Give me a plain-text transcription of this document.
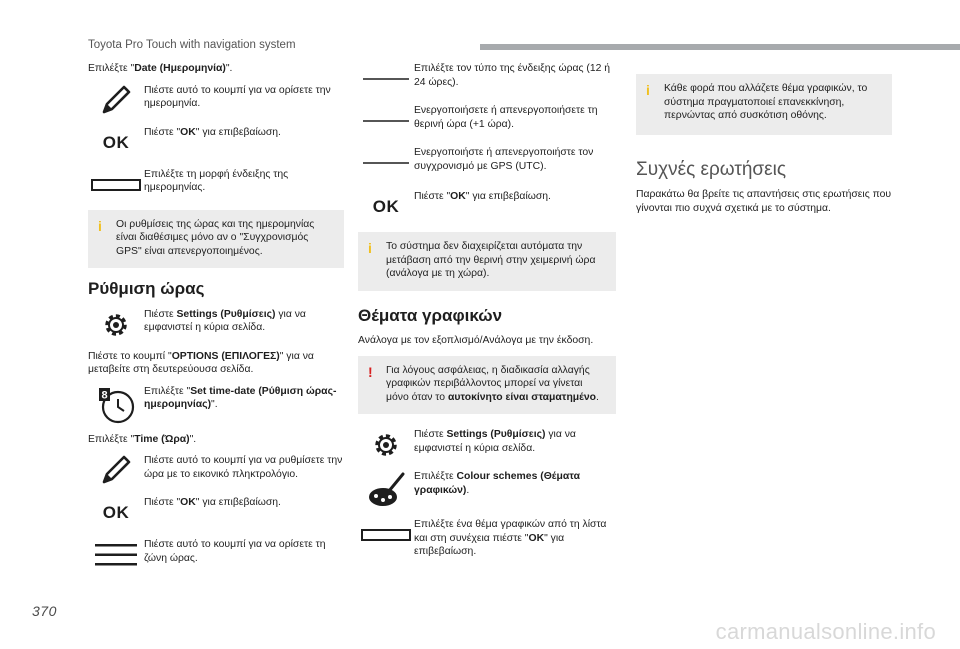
Toyota Pro Touch with navigation system
Επιλέξτε "Date (Ημερομηνία)".
Πιέστε αυτό το κουμπί για να ορίσετε την ημερομηνία.
OK
Πιέστε "OK" για επιβεβαίωση.
Επιλέξτε τη μορφή ένδειξης της ημερομηνίας.
i Οι ρυθμίσεις της ώρας και της ημερομηνίας είναι διαθέσιμες μόνο αν ο "Συγχρονισμός GPS" είναι απενεργοποιημένος.
Ρύθμιση ώρας
Πιέστε Settings (Ρυθμίσεις) για να εμφανιστεί η κύρια σελίδα.
Πιέστε το κουμπί "OPTIONS (ΕΠΙΛΟΓΕΣ)" για να μεταβείτε στη δευτερεύουσα σελίδα.
8	Επιλέξτε "Set time-date (Ρύθμιση ώρας-ημερομηνίας)".
Επιλέξτε "Time (Ώρα)".
Πιέστε αυτό το κουμπί για να ρυθμίσετε την ώρα με το εικονικό πληκτρολόγιο.
OK
Πιέστε "OK" για επιβεβαίωση.
Πιέστε αυτό το κουμπί για να ορίσετε τη ζώνη ώρας.
Επιλέξτε τον τύπο της ένδειξης ώρας (12 ή 24 ώρες).
Ενεργοποιήσετε ή απενεργοποιήσετε τη θερινή ώρα (+1 ώρα).
Ενεργοποιήστε ή απενεργοποιήστε τον συγχρονισμό με GPS (UTC).
OK
Πιέστε "OK" για επιβεβαίωση.
i Το σύστημα δεν διαχειρίζεται αυτόματα την μετάβαση από την θερινή στην χειμερινή ώρα (ανάλογα με τη χώρα).
Θέματα γραφικών
Ανάλογα με τον εξοπλισμό/Ανάλογα με την έκδοση.
! Για λόγους ασφάλειας, η διαδικασία αλλαγής γραφικών περιβάλλοντος μπορεί να γίνεται μόνο όταν το αυτοκίνητο είναι σταματημένο.
Πιέστε Settings (Ρυθμίσεις) για να εμφανιστεί η κύρια σελίδα.
Επιλέξτε Colour schemes (Θέματα γραφικών).
Επιλέξτε ένα θέμα γραφικών από τη λίστα και στη συνέχεια πιέστε "OK" για επιβεβαίωση.
i Κάθε φορά που αλλάζετε θέμα γραφικών, το σύστημα πραγματοποιεί επανεκκίνηση, περνώντας από συσκότιση οθόνης.
Συχνές ερωτήσεις
Παρακάτω θα βρείτε τις απαντήσεις στις ερωτήσεις που γίνονται πιο συχνά σχετικά με το σύστημα.
370
carmanualsonline.info
